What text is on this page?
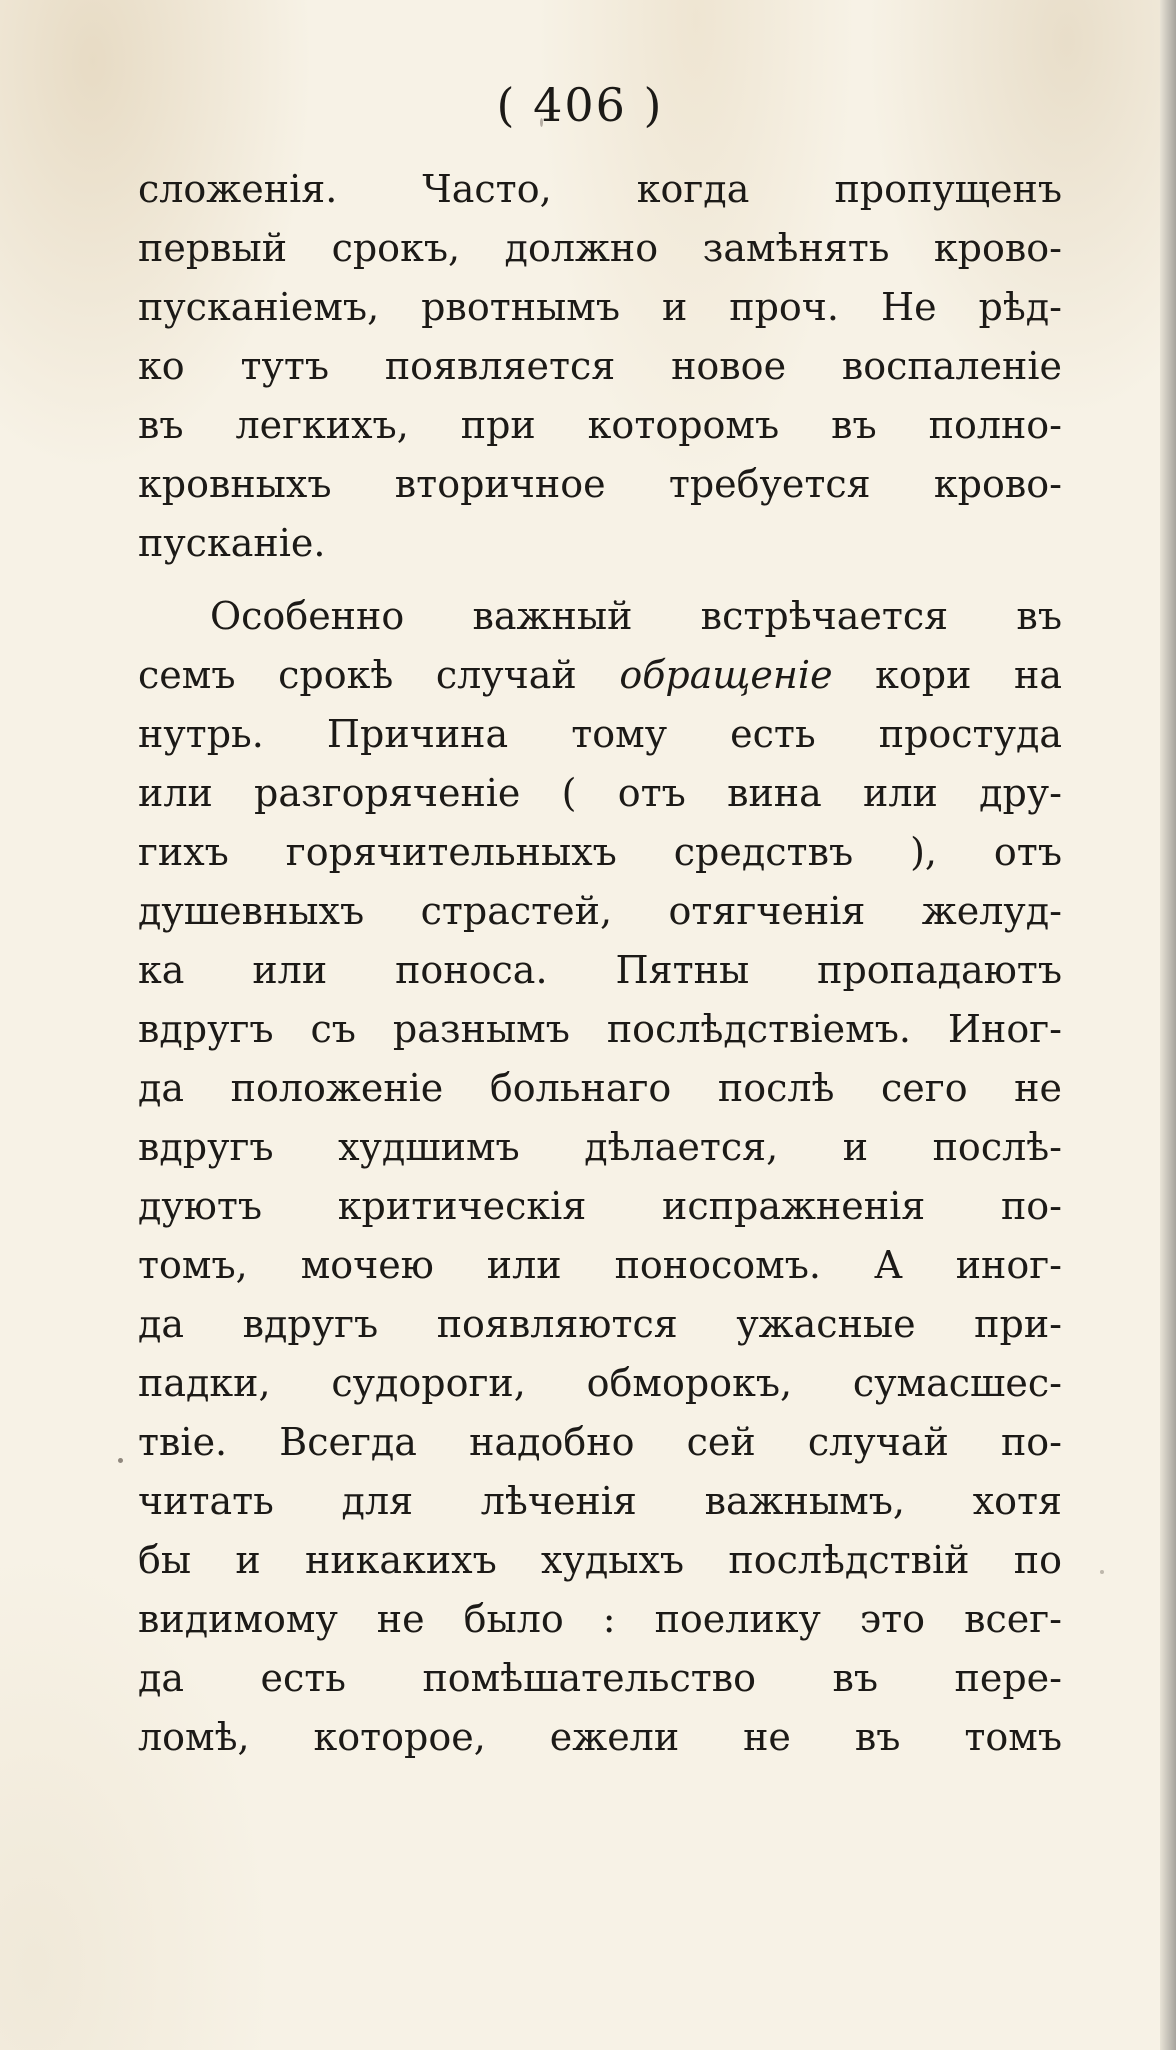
( 406 )
сложенія. Часто, когда пропущенъ
первый срокъ, должно замѣнять крово-
пусканіемъ, рвотнымъ и проч. Не рѣд-
ко тутъ появляется новое воспаленіе
въ легкихъ, при которомъ въ полно-
кровныхъ вторичное требуется крово-
пусканіе.
Особенно важный встрѣчается въ
семъ срокѣ случай обращеніе кори на
нутрь. Причина тому есть простуда
или разгоряченіе ( отъ вина или дру-
гихъ горячительныхъ средствъ ), отъ
душевныхъ страстей, отягченія желуд-
ка или поноса. Пятны пропадаютъ
вдругъ съ разнымъ послѣдствіемъ. Иног-
да положеніе больнаго послѣ сего не
вдругъ худшимъ дѣлается, и послѣ-
дуютъ критическія испражненія по-
томъ, мочею или поносомъ. А иног-
да вдругъ появляются ужасные при-
падки, судороги, обморокъ, сумасшес-
твіе. Всегда надобно сей случай по-
читать для лѣченія важнымъ, хотя
бы и никакихъ худыхъ послѣдствій по
видимому не было : поелику это всег-
да есть помѣшательство въ пере-
ломѣ, которое, ежели не въ томъ
